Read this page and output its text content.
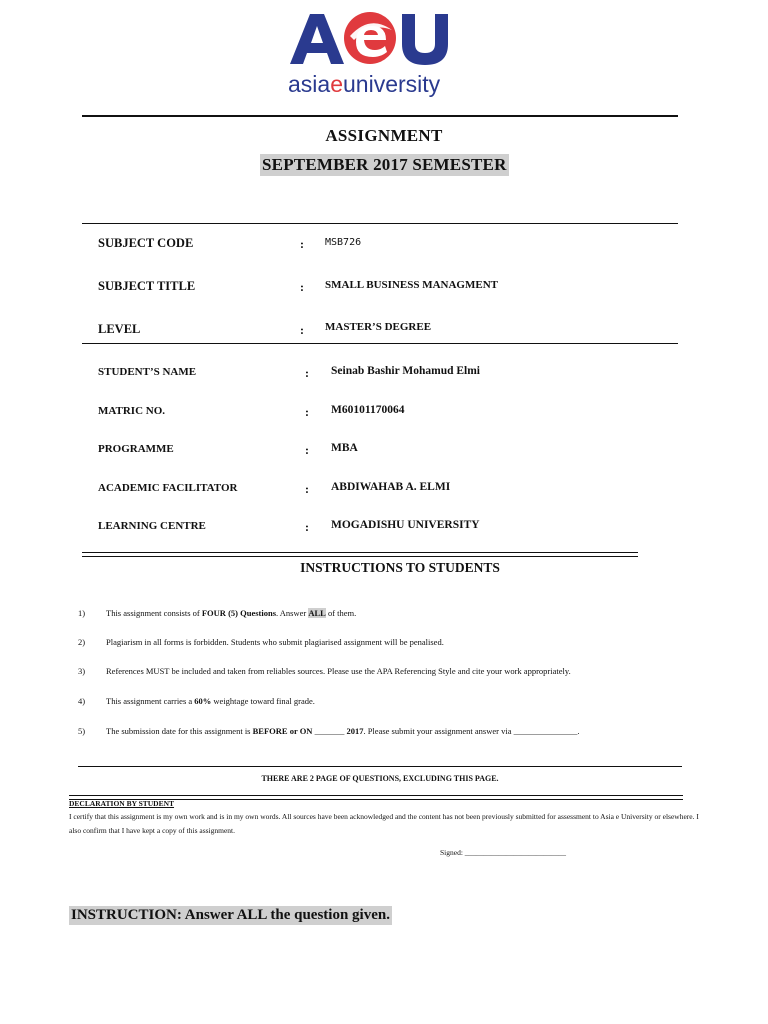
asiaeuniversity
ASSIGNMENT
SEPTEMBER 2017 SEMESTER
SUBJECT CODE	: MSB726
SUBJECT TITLE	: SMALL BUSINESS MANAGMENT
LEVEL	: MASTER’S DEGREE
STUDENT’S NAME	: Seinab Bashir Mohamud Elmi
MATRIC NO.	: M60101170064
PROGRAMME	: MBA
ACADEMIC FACILITATOR	: ABDIWAHAB A. ELMI
LEARNING CENTRE	: MOGADISHU UNIVERSITY
INSTRUCTIONS TO STUDENTS
1) This assignment consists of FOUR (5) Questions. Answer ALL of them.
2) Plagiarism in all forms is forbidden. Students who submit plagiarised assignment will be penalised.
3) References MUST be included and taken from reliables sources. Please use the APA Referencing Style and cite your work appropriately.
4) This assignment carries a 60% weightage toward final grade.
5) The submission date for this assignment is BEFORE or ON _______ 2017. Please submit your assignment answer via _______________.
THERE ARE 2 PAGE OF QUESTIONS, EXCLUDING THIS PAGE.
DECLARATION BY STUDENT
I certify that this assignment is my own work and is in my own words. All sources have been acknowledged and the content has not been previously submitted for assessment to Asia e University or elsewhere. I also confirm that I have kept a copy of this assignment.
Signed: ___________________________
INSTRUCTION: Answer ALL the question given.
